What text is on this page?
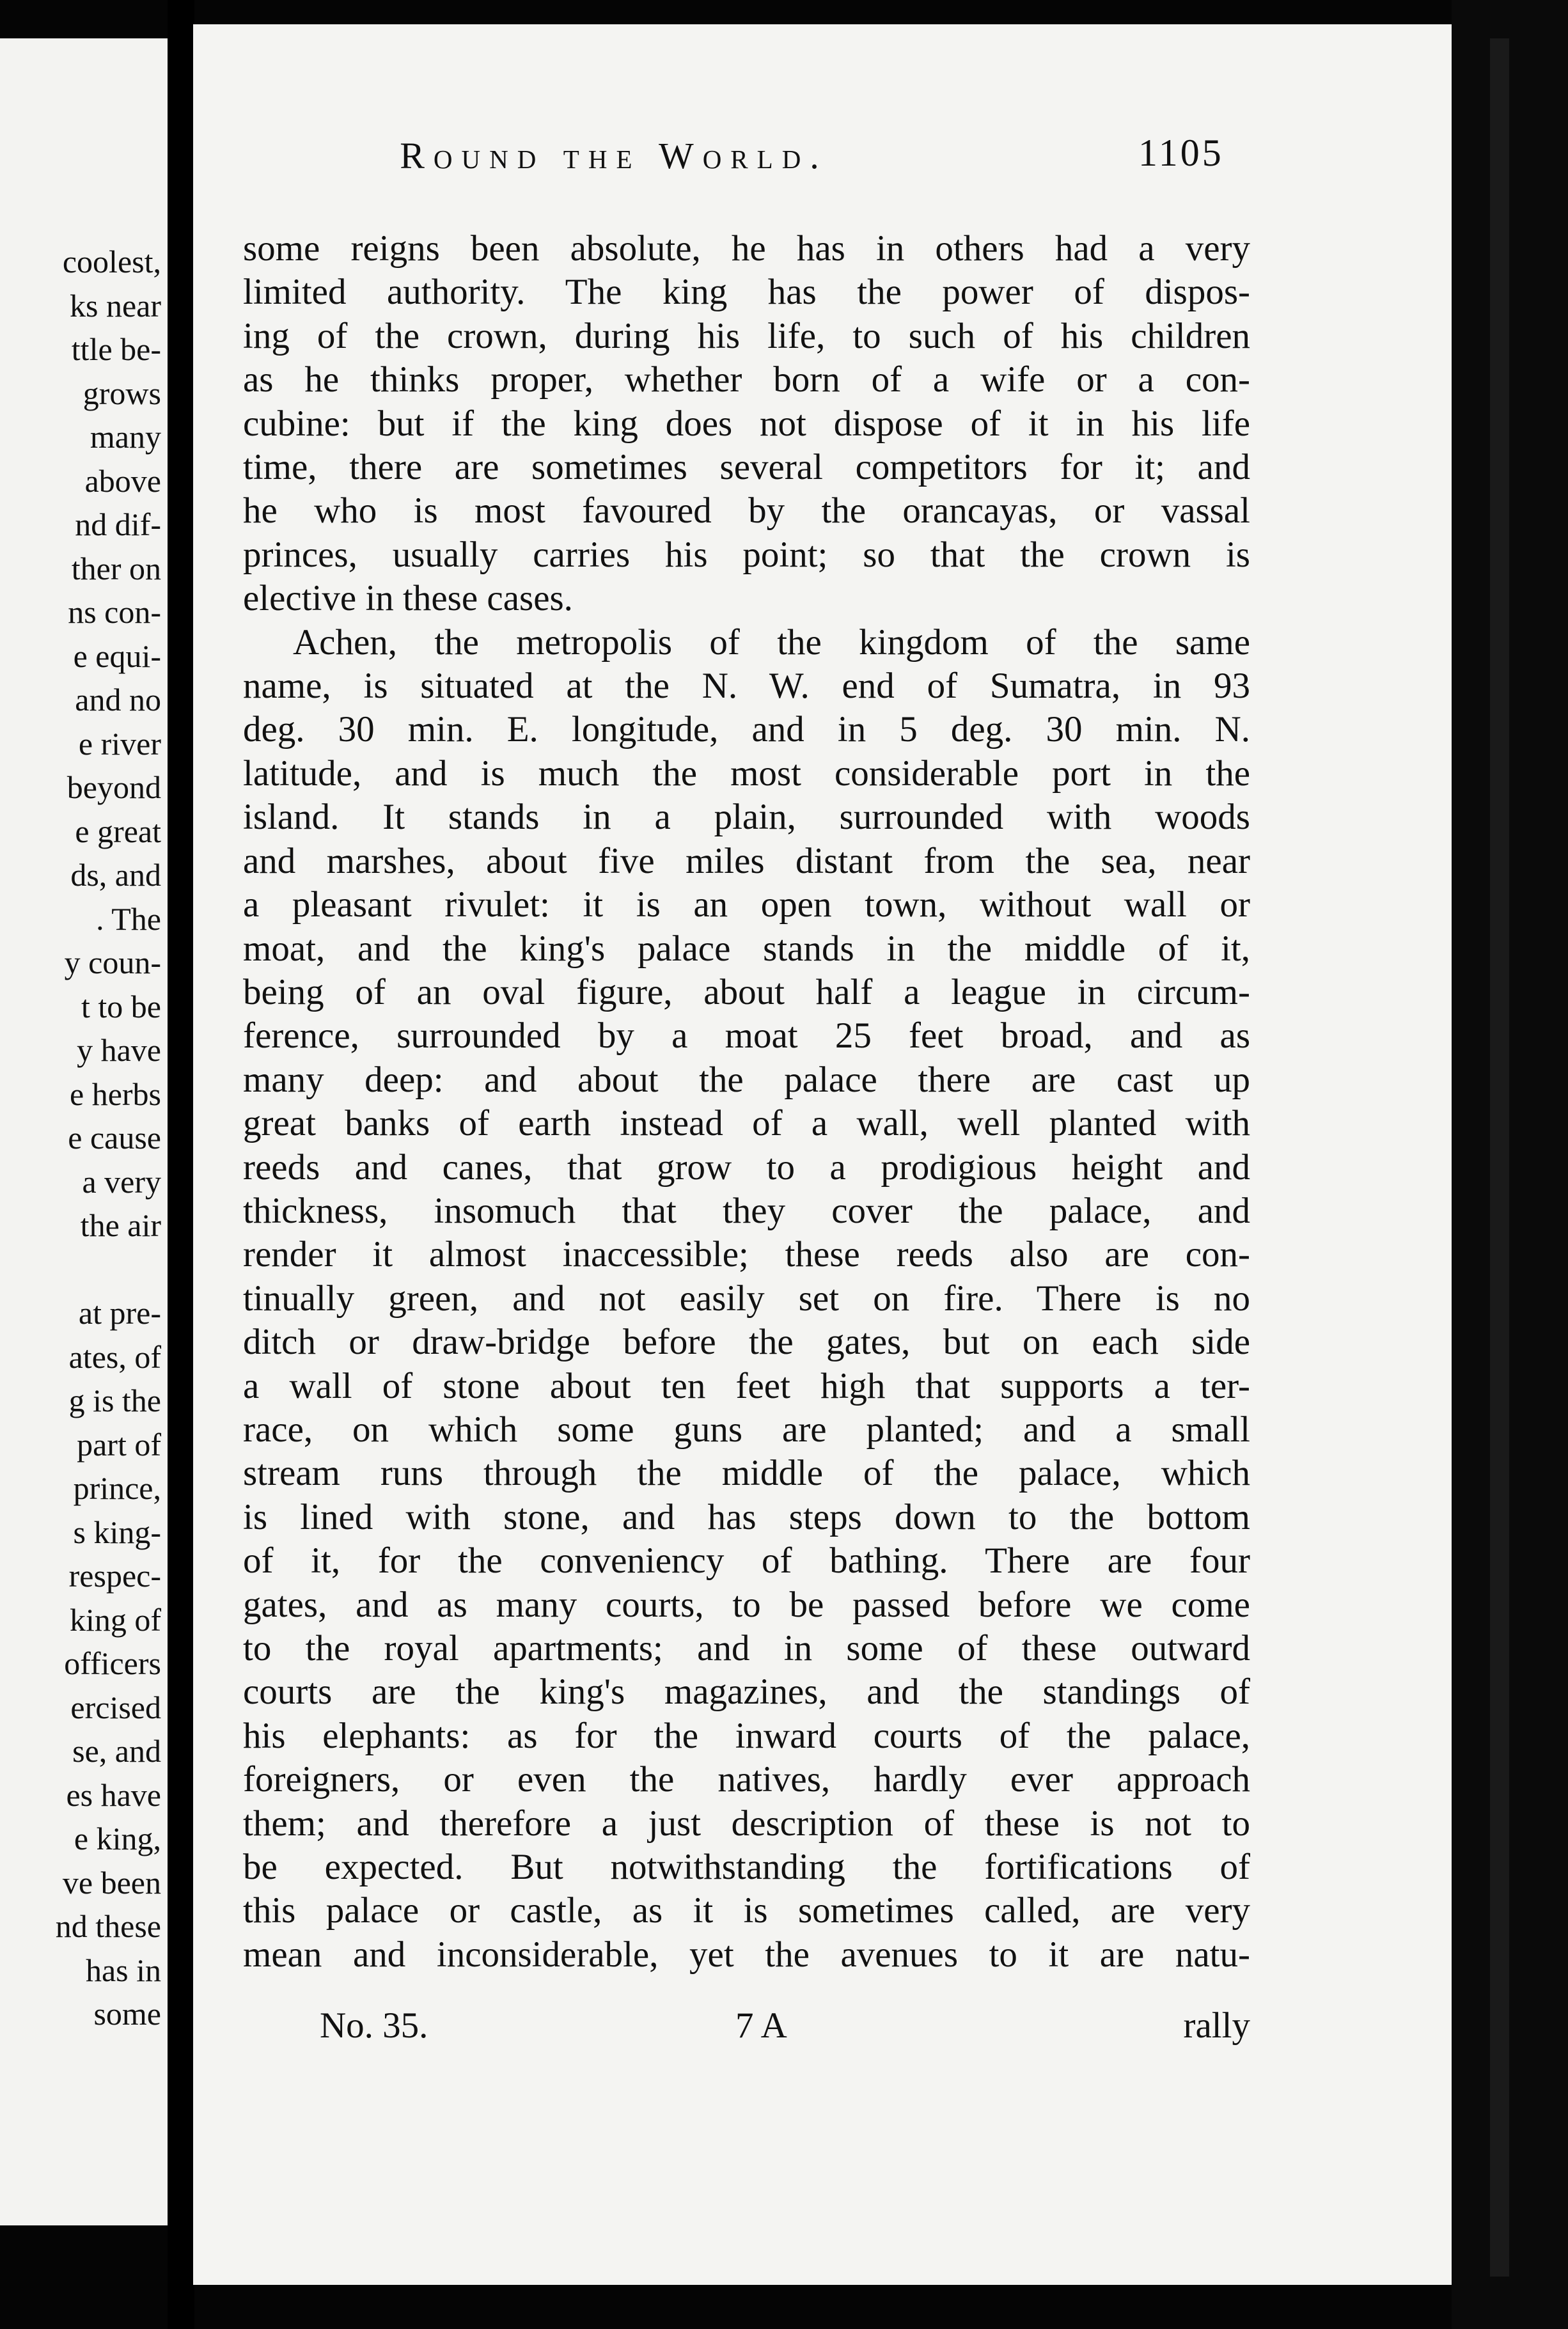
coolest,
ks near
ttle be-
grows
many
above
nd dif-
ther on
ns con-
e equi-
and no
e river
beyond
e great
ds, and
. The
y coun-
t to be
y have
e herbs
e cause
a very
the air

at pre-
ates, of
g is the
part of
prince,
s king-
respec-
king of
officers
ercised
se, and
es have
e king,
ve been
nd these
has in
some
Round the World.	1105
some reigns been absolute, he has in others had a very
limited authority. The king has the power of dispos-
ing of the crown, during his life, to such of his children
as he thinks proper, whether born of a wife or a con-
cubine: but if the king does not dispose of it in his life
time, there are sometimes several competitors for it; and
he who is most favoured by the orancayas, or vassal
princes, usually carries his point; so that the crown is
elective in these cases.
Achen, the metropolis of the kingdom of the same
name, is situated at the N. W. end of Sumatra, in 93
deg. 30 min. E. longitude, and in 5 deg. 30 min. N.
latitude, and is much the most considerable port in the
island. It stands in a plain, surrounded with woods
and marshes, about five miles distant from the sea, near
a pleasant rivulet: it is an open town, without wall or
moat, and the king's palace stands in the middle of it,
being of an oval figure, about half a league in circum-
ference, surrounded by a moat 25 feet broad, and as
many deep: and about the palace there are cast up
great banks of earth instead of a wall, well planted with
reeds and canes, that grow to a prodigious height and
thickness, insomuch that they cover the palace, and
render it almost inaccessible; these reeds also are con-
tinually green, and not easily set on fire. There is no
ditch or draw-bridge before the gates, but on each side
a wall of stone about ten feet high that supports a ter-
race, on which some guns are planted; and a small
stream runs through the middle of the palace, which
is lined with stone, and has steps down to the bottom
of it, for the conveniency of bathing. There are four
gates, and as many courts, to be passed before we come
to the royal apartments; and in some of these outward
courts are the king's magazines, and the standings of
his elephants: as for the inward courts of the palace,
foreigners, or even the natives, hardly ever approach
them; and therefore a just description of these is not to
be expected. But notwithstanding the fortifications of
this palace or castle, as it is sometimes called, are very
mean and inconsiderable, yet the avenues to it are natu-
No. 35.	7 A	rally
